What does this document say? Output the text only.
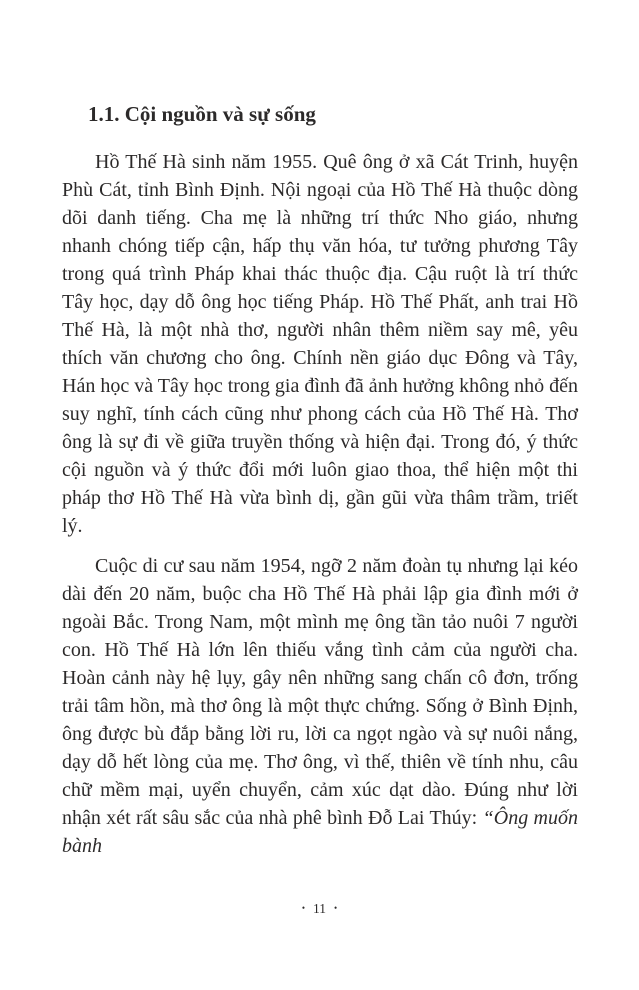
1.1. Cội nguồn và sự sống

Hồ Thế Hà sinh năm 1955. Quê ông ở xã Cát Trinh, huyện Phù Cát, tỉnh Bình Định. Nội ngoại của Hồ Thế Hà thuộc dòng dõi danh tiếng. Cha mẹ là những trí thức Nho giáo, nhưng nhanh chóng tiếp cận, hấp thụ văn hóa, tư tưởng phương Tây trong quá trình Pháp khai thác thuộc địa. Cậu ruột là trí thức Tây học, dạy dỗ ông học tiếng Pháp. Hồ Thế Phất, anh trai Hồ Thế Hà, là một nhà thơ, người nhân thêm niềm say mê, yêu thích văn chương cho ông. Chính nền giáo dục Đông và Tây, Hán học và Tây học trong gia đình đã ảnh hưởng không nhỏ đến suy nghĩ, tính cách cũng như phong cách của Hồ Thế Hà. Thơ ông là sự đi về giữa truyền thống và hiện đại. Trong đó, ý thức cội nguồn và ý thức đổi mới luôn giao thoa, thể hiện một thi pháp thơ Hồ Thế Hà vừa bình dị, gần gũi vừa thâm trầm, triết lý.

Cuộc di cư sau năm 1954, ngỡ 2 năm đoàn tụ nhưng lại kéo dài đến 20 năm, buộc cha Hồ Thế Hà phải lập gia đình mới ở ngoài Bắc. Trong Nam, một mình mẹ ông tần tảo nuôi 7 người con. Hồ Thế Hà lớn lên thiếu vắng tình cảm của người cha. Hoàn cảnh này hệ lụy, gây nên những sang chấn cô đơn, trống trải tâm hồn, mà thơ ông là một thực chứng. Sống ở Bình Định, ông được bù đắp bằng lời ru, lời ca ngọt ngào và sự nuôi nắng, dạy dỗ hết lòng của mẹ. Thơ ông, vì thế, thiên về tính nhu, câu chữ mềm mại, uyển chuyển, cảm xúc dạt dào. Đúng như lời nhận xét rất sâu sắc của nhà phê bình Đỗ Lai Thúy: “Ông muốn bành

• 11 •
